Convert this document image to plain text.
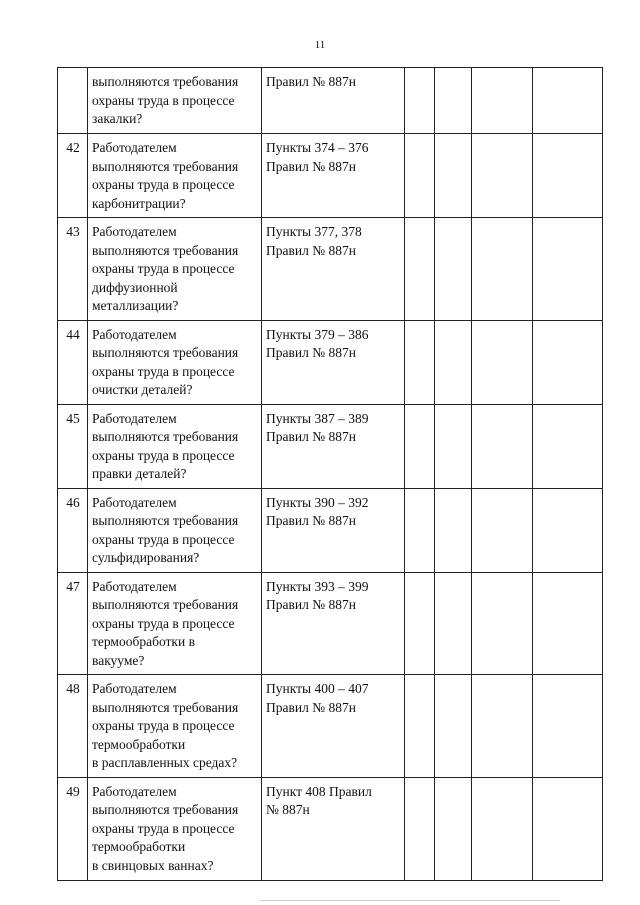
11
	выполняются требования
охраны труда в процессе
закалки?	Правил № 887н				
42	Работодателем
выполняются требования
охраны труда в процессе
карбонитрации?	Пункты 374 – 376
Правил № 887н				
43	Работодателем
выполняются требования
охраны труда в процессе
диффузионной
металлизации?	Пункты 377, 378
Правил № 887н				
44	Работодателем
выполняются требования
охраны труда в процессе
очистки деталей?	Пункты 379 – 386
Правил № 887н				
45	Работодателем
выполняются требования
охраны труда в процессе
правки деталей?	Пункты 387 – 389
Правил № 887н				
46	Работодателем
выполняются требования
охраны труда в процессе
сульфидирования?	Пункты 390 – 392
Правил № 887н				
47	Работодателем
выполняются требования
охраны труда в процессе
термообработки в
вакууме?	Пункты 393 – 399
Правил № 887н				
48	Работодателем
выполняются требования
охраны труда в процессе
термообработки
в расплавленных средах?	Пункты 400 – 407
Правил № 887н				
49	Работодателем
выполняются требования
охраны труда в процессе
термообработки
в свинцовых ваннах?	Пункт 408 Правил
№ 887н				
